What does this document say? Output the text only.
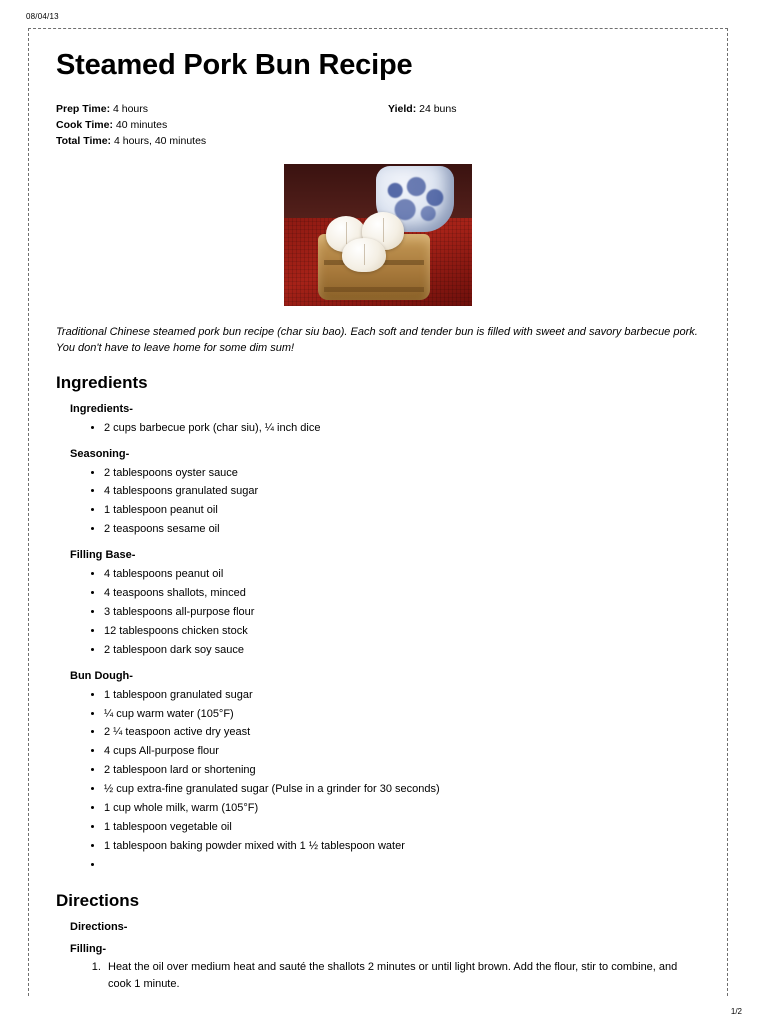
08/04/13
Steamed Pork Bun Recipe
Prep Time: 4 hours
Cook Time: 40 minutes
Total Time: 4 hours, 40 minutes
Yield: 24 buns
Traditional Chinese steamed pork bun recipe (char siu bao). Each soft and tender bun is filled with sweet and savory barbecue pork. You don't have to leave home for some dim sum!
Ingredients
Ingredients-
• 2 cups barbecue pork (char siu), ¼ inch dice
Seasoning-
• 2 tablespoons oyster sauce
• 4 tablespoons granulated sugar
• 1 tablespoon peanut oil
• 2 teaspoons sesame oil
Filling Base-
• 4 tablespoons peanut oil
• 4 teaspoons shallots, minced
• 3 tablespoons all-purpose flour
• 12 tablespoons chicken stock
• 2 tablespoon dark soy sauce
Bun Dough-
• 1 tablespoon granulated sugar
• ¼ cup warm water (105°F)
• 2 ¼ teaspoon active dry yeast
• 4 cups All-purpose flour
• 2 tablespoon lard or shortening
• ½ cup extra-fine granulated sugar (Pulse in a grinder for 30 seconds)
• 1 cup whole milk, warm (105°F)
• 1 tablespoon vegetable oil
• 1 tablespoon baking powder mixed with 1 ½ tablespoon water
•
Directions
Directions-
Filling-
1. Heat the oil over medium heat and sauté the shallots 2 minutes or until light brown. Add the flour, stir to combine, and cook 1 minute.
1/2
